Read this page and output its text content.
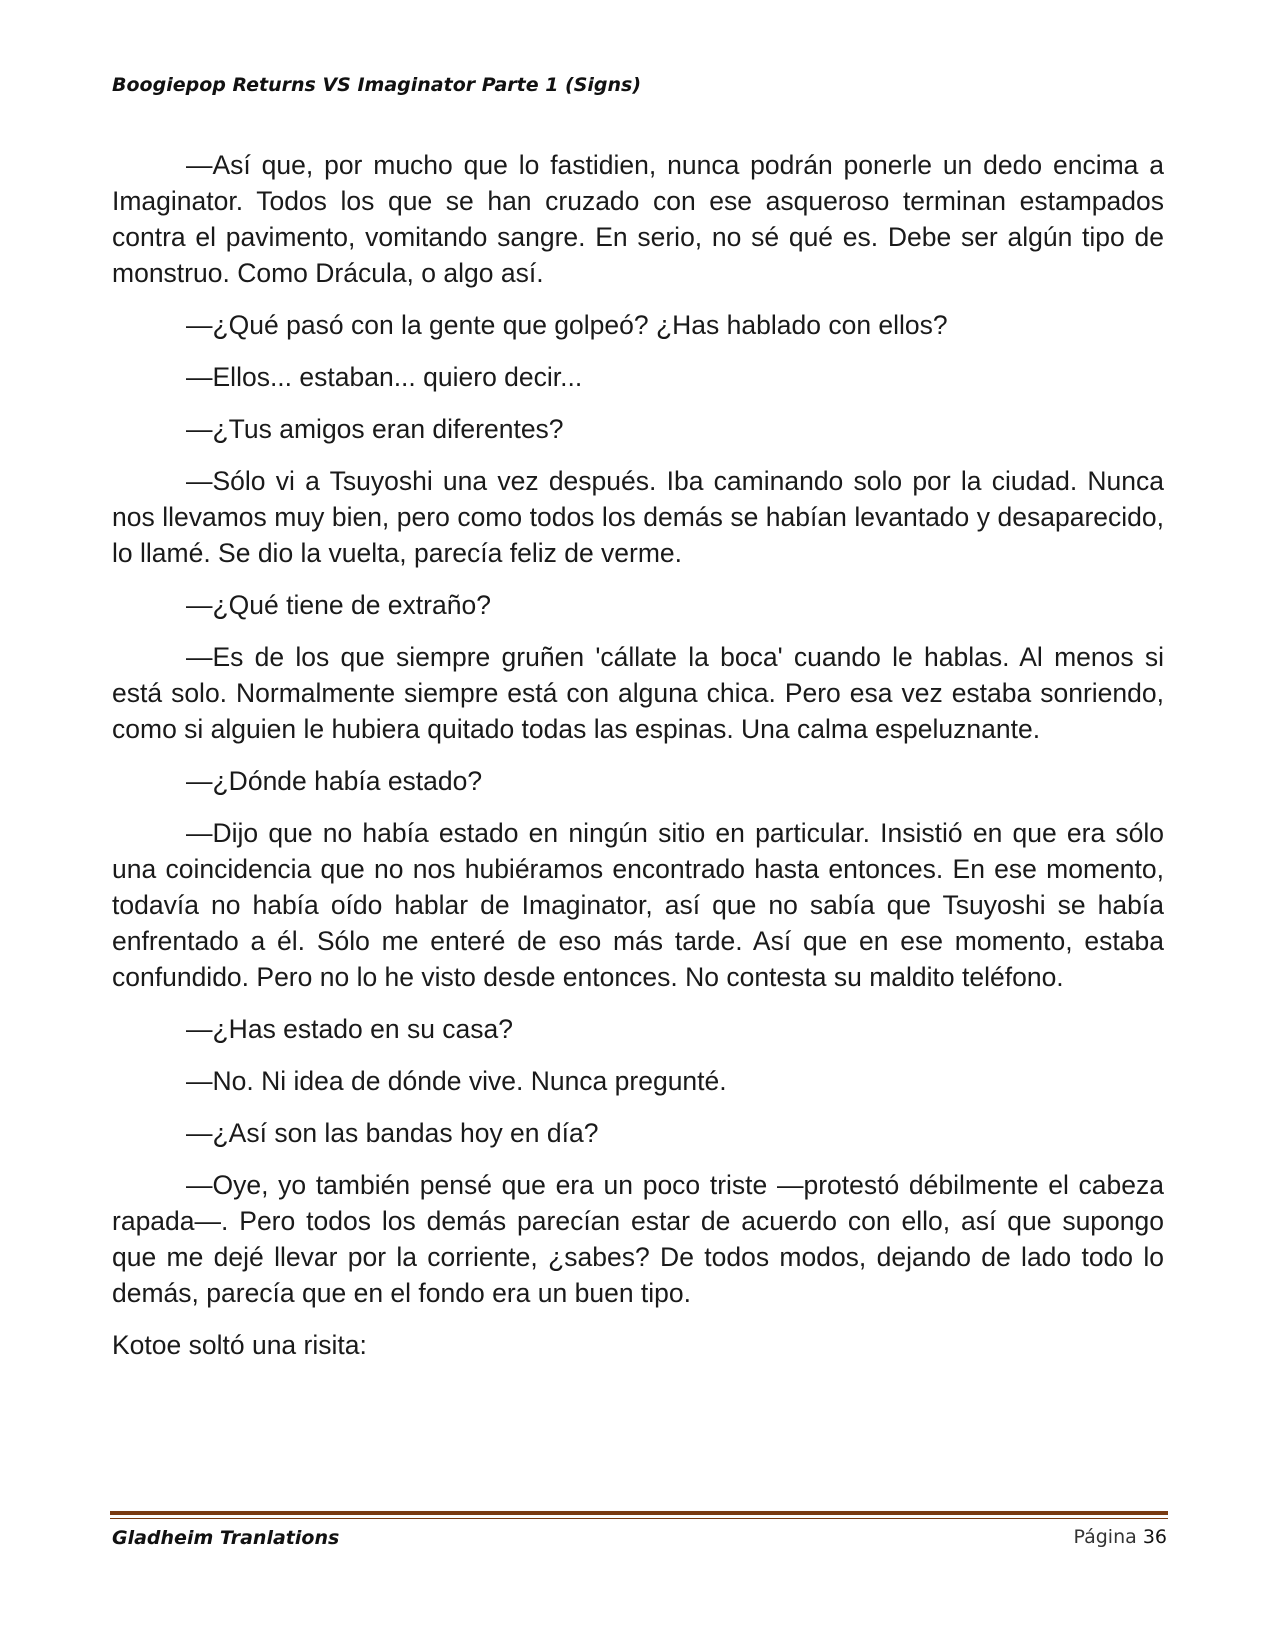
Boogiepop Returns VS Imaginator Parte 1 (Signs)

—Así que, por mucho que lo fastidien, nunca podrán ponerle un dedo encima a Imaginator. Todos los que se han cruzado con ese asqueroso terminan estampados contra el pavimento, vomitando sangre. En serio, no sé qué es. Debe ser algún tipo de monstruo. Como Drácula, o algo así.

—¿Qué pasó con la gente que golpeó? ¿Has hablado con ellos?

—Ellos... estaban... quiero decir...

—¿Tus amigos eran diferentes?

—Sólo vi a Tsuyoshi una vez después. Iba caminando solo por la ciudad. Nunca nos llevamos muy bien, pero como todos los demás se habían levantado y desaparecido, lo llamé. Se dio la vuelta, parecía feliz de verme.

—¿Qué tiene de extraño?

—Es de los que siempre gruñen 'cállate la boca' cuando le hablas. Al menos si está solo. Normalmente siempre está con alguna chica. Pero esa vez estaba sonriendo, como si alguien le hubiera quitado todas las espinas. Una calma espeluznante.

—¿Dónde había estado?

—Dijo que no había estado en ningún sitio en particular. Insistió en que era sólo una coincidencia que no nos hubiéramos encontrado hasta entonces. En ese momento, todavía no había oído hablar de Imaginator, así que no sabía que Tsuyoshi se había enfrentado a él. Sólo me enteré de eso más tarde. Así que en ese momento, estaba confundido. Pero no lo he visto desde entonces. No contesta su maldito teléfono.

—¿Has estado en su casa?

—No. Ni idea de dónde vive. Nunca pregunté.

—¿Así son las bandas hoy en día?

—Oye, yo también pensé que era un poco triste —protestó débilmente el cabeza rapada—. Pero todos los demás parecían estar de acuerdo con ello, así que supongo que me dejé llevar por la corriente, ¿sabes? De todos modos, dejando de lado todo lo demás, parecía que en el fondo era un buen tipo.

Kotoe soltó una risita:

Gladheim Tranlations	Página 36
